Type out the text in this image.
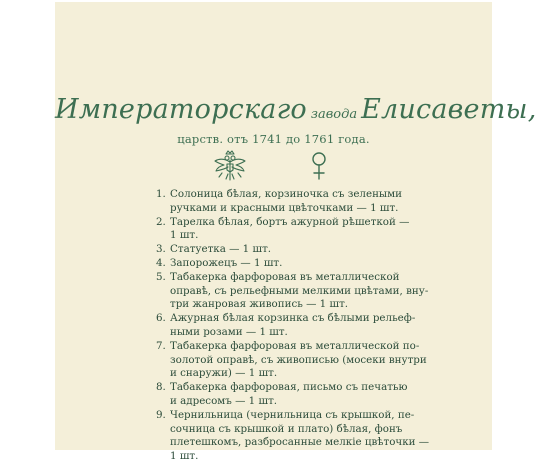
Императорскаго завода Елисаветы,
царств. отъ 1741 до 1761 года.
1. Солоница бѣлая, корзиночка съ зелеными
ручками и красными цвѣточками — 1 шт.
2. Тарелка бѣлая, бортъ ажурной рѣшеткой —
1 шт.
3. Статуетка — 1 шт.
4. Запорожецъ — 1 шт.
5. Табакерка фарфоровая въ металлической
оправѣ, съ рельефными мелкими цвѣтами, вну-
три жанровая живопись — 1 шт.
6. Ажурная бѣлая корзинка съ бѣлыми рельеф-
ными розами — 1 шт.
7. Табакерка фарфоровая въ металлической по-
золотой оправѣ, съ живописью (мосеки внутри
и снаружи) — 1 шт.
8. Табакерка фарфоровая, письмо съ печатью
и адресомъ — 1 шт.
9. Чернильница (чернильница съ крышкой, пе-
сочница съ крышкой и плато) бѣлая, фонъ
плетешкомъ, разбросанные мелкіе цвѣточки —
1 шт.
